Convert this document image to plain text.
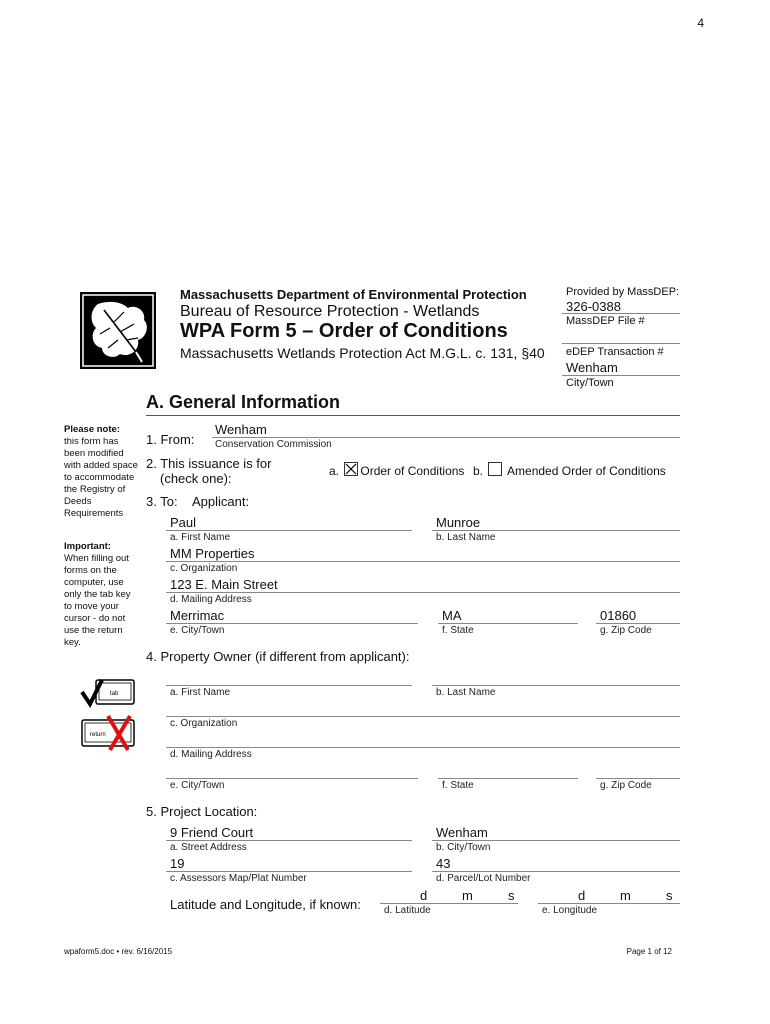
4
Massachusetts Department of Environmental Protection
Bureau of Resource Protection - Wetlands
WPA Form 5 – Order of Conditions
Massachusetts Wetlands Protection Act M.G.L. c. 131, §40
Provided by MassDEP:
326-0388
MassDEP File #
eDEP Transaction #
Wenham
City/Town
A. General Information
Please note:
this form has been modified with added space to accommodate the Registry of Deeds Requirements
Important:
When filling out forms on the computer, use only the tab key to move your cursor - do not use the return key.
tab
return
1. From:
Wenham
Conservation Commission
2. This issuance is for
(check one):	a. Order of Conditions b. Amended Order of Conditions
3. To: Applicant:
Paul
a. First Name
Munroe
b. Last Name
MM Properties
c. Organization
123 E. Main Street
d. Mailing Address
Merrimac
e. City/Town
MA
f. State
01860
g. Zip Code
4. Property Owner (if different from applicant):
a. First Name	b. Last Name
c. Organization
d. Mailing Address
e. City/Town	f. State	g. Zip Code
5. Project Location:
9 Friend Court
a. Street Address
Wenham
b. City/Town
19
c. Assessors Map/Plat Number
43
d. Parcel/Lot Number
Latitude and Longitude, if known:
d	m	s
d. Latitude
d	m	s
e. Longitude
wpaform5.doc • rev. 6/16/2015	Page 1 of 12
